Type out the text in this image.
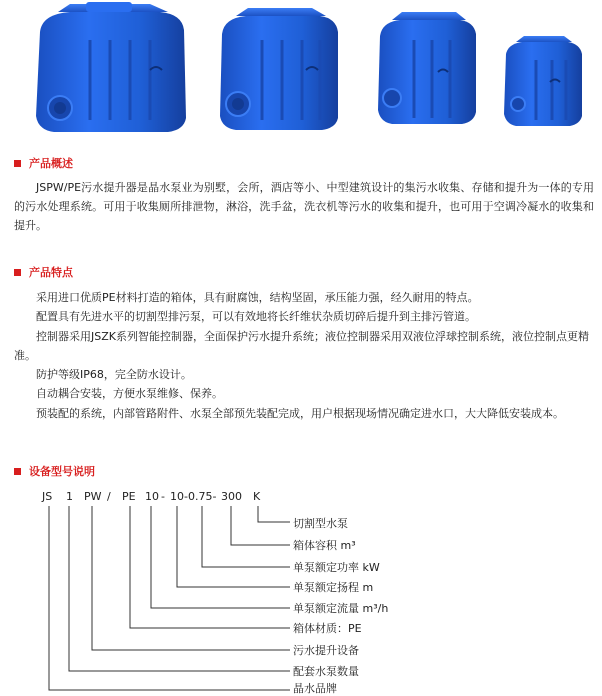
产品概述

JSPW/PE污水提升器是晶水泵业为别墅，会所，酒店等小、中型建筑设计的集污水收集、存储和提升为一体的专用的污水处理系统。可用于收集厕所排泄物，淋浴，洗手盆，洗衣机等污水的收集和提升，也可用于空调冷凝水的收集和提升。

产品特点

采用进口优质PE材料打造的箱体，具有耐腐蚀，结构坚固，承压能力强，经久耐用的特点。

配置具有先进水平的切割型排污泵，可以有效地将长纤维状杂质切碎后提升到主排污管道。

控制器采用JSZK系列智能控制器，全面保护污水提升系统；液位控制器采用双液位浮球控制系统，液位控制点更精准。

防护等级IP68，完全防水设计。

自动耦合安装，方便水泵维修、保养。

预装配的系统，内部管路附件、水泵全部预先装配完成，用户根据现场情况确定进水口，大大降低安装成本。

设备型号说明
JS 1 PW / PE 10 - 10 -0.75- 300 K
切割型水泵
箱体容积 m³
单泵额定功率 kW
单泵额定扬程 m
单泵额定流量 m³/h
箱体材质：PE
污水提升设备
配套水泵数量
晶水品牌
